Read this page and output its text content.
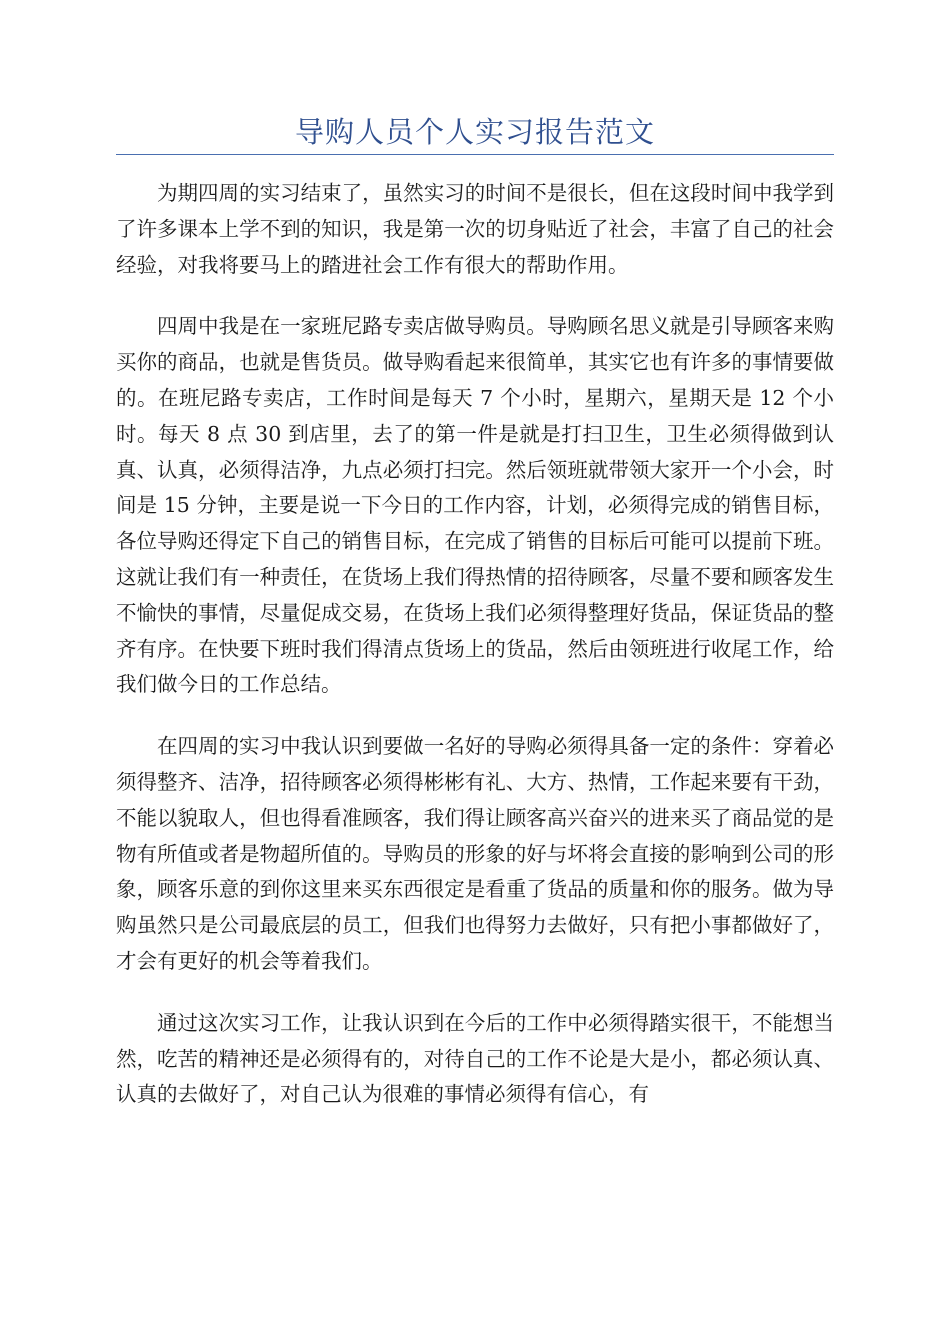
导购人员个人实习报告范文

为期四周的实习结束了，虽然实习的时间不是很长，但在这段时间中我学到了许多课本上学不到的知识，我是第一次的切身贴近了社会，丰富了自己的社会经验，对我将要马上的踏进社会工作有很大的帮助作用。

四周中我是在一家班尼路专卖店做导购员。导购顾名思义就是引导顾客来购买你的商品，也就是售货员。做导购看起来很简单，其实它也有许多的事情要做的。在班尼路专卖店，工作时间是每天 7 个小时，星期六，星期天是 12 个小时。每天 8 点 30 到店里，去了的第一件是就是打扫卫生，卫生必须得做到认真、认真，必须得洁净，九点必须打扫完。然后领班就带领大家开一个小会，时间是 15 分钟，主要是说一下今日的工作内容，计划，必须得完成的销售目标，各位导购还得定下自己的销售目标，在完成了销售的目标后可能可以提前下班。这就让我们有一种责任，在货场上我们得热情的招待顾客，尽量不要和顾客发生不愉快的事情，尽量促成交易，在货场上我们必须得整理好货品，保证货品的整齐有序。在快要下班时我们得清点货场上的货品，然后由领班进行收尾工作，给我们做今日的工作总结。

在四周的实习中我认识到要做一名好的导购必须得具备一定的条件：穿着必须得整齐、洁净，招待顾客必须得彬彬有礼、大方、热情，工作起来要有干劲，不能以貌取人，但也得看准顾客，我们得让顾客高兴奋兴的进来买了商品觉的是物有所值或者是物超所值的。导购员的形象的好与坏将会直接的影响到公司的形象，顾客乐意的到你这里来买东西很定是看重了货品的质量和你的服务。做为导购虽然只是公司最底层的员工，但我们也得努力去做好，只有把小事都做好了，才会有更好的机会等着我们。

通过这次实习工作，让我认识到在今后的工作中必须得踏实很干，不能想当然，吃苦的精神还是必须得有的，对待自己的工作不论是大是小，都必须认真、认真的去做好了，对自己认为很难的事情必须得有信心，有
